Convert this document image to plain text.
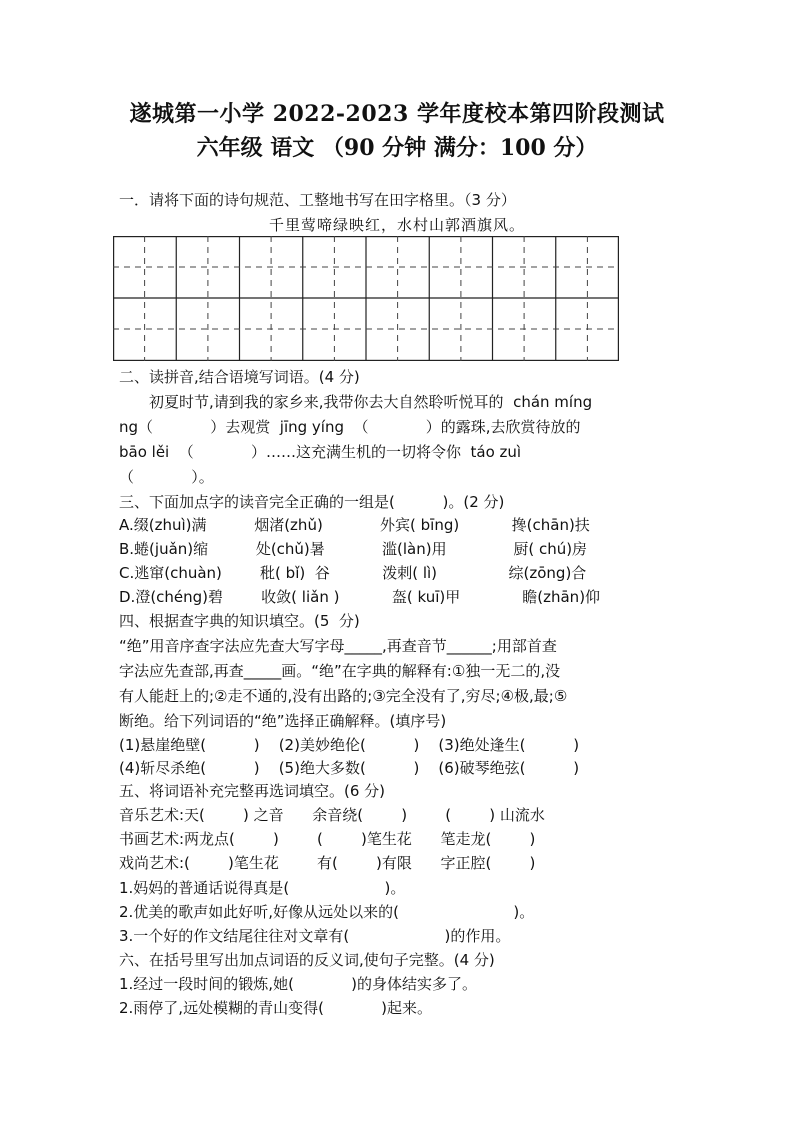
遂城第一小学 2022-2023 学年度校本第四阶段测试
六年级 语文 （90 分钟 满分：100 分）
一．请将下面的诗句规范、工整地书写在田字格里。（3 分）
千里莺啼绿映红，水村山郭酒旗风。
二、读拼音,结合语境写词语。(4 分)
　　初夏时节,请到我的家乡来,我带你去大自然聆听悦耳的  chán míng
ng（            ）去观赏  jīng yíng  （            ）的露珠,去欣赏待放的
bāo lěi  （            ）……这充满生机的一切将令你  táo zuì
（            ）。
三、下面加点字的读音完全正确的一组是(          )。(2 分)
A.缀(zhuì)满          烟渚(zhǔ)            外宾( bīng)           搀(chān)扶
B.蜷(juǎn)缩          处(chǔ)暑            滥(làn)用              厨( chú)房
C.逃窜(chuàn)        秕( bǐ)  谷           泼剌( lì)               综(zōng)合
D.澄(chéng)碧        收敛( liǎn )           盔( kuī)甲             瞻(zhān)仰
四、根据查字典的知识填空。(5  分)
“绝”用音序查字法应先查大写字母_____,再查音节______;用部首查
字法应先查部,再查_____画。“绝”在字典的解释有:①独一无二的,没
有人能赶上的;②走不通的,没有出路的;③完全没有了,穷尽;④极,最;⑤
断绝。给下列词语的“绝”选择正确解释。(填序号)
(1)悬崖绝壁(          )    (2)美妙绝伦(          )    (3)绝处逢生(          )
(4)斩尽杀绝(          )    (5)绝大多数(          )    (6)破琴绝弦(          )
五、将词语补充完整再选词填空。(6 分)
音乐艺术:天(        ) 之音      余音绕(        )        (        ) 山流水
书画艺术:两龙点(        )        (        )笔生花      笔走龙(        )
戏尚艺术:(        )笔生花        有(        )有限      字正腔(        )
1.妈妈的普通话说得真是(                    )。
2.优美的歌声如此好听,好像从远处以来的(                        )。
3.一个好的作文结尾往往对文章有(                    )的作用。
六、在括号里写出加点词语的反义词,使句子完整。(4 分)
1.经过一段时间的锻炼,她(            )的身体结实多了。
2.雨停了,远处模糊的青山变得(            )起来。
